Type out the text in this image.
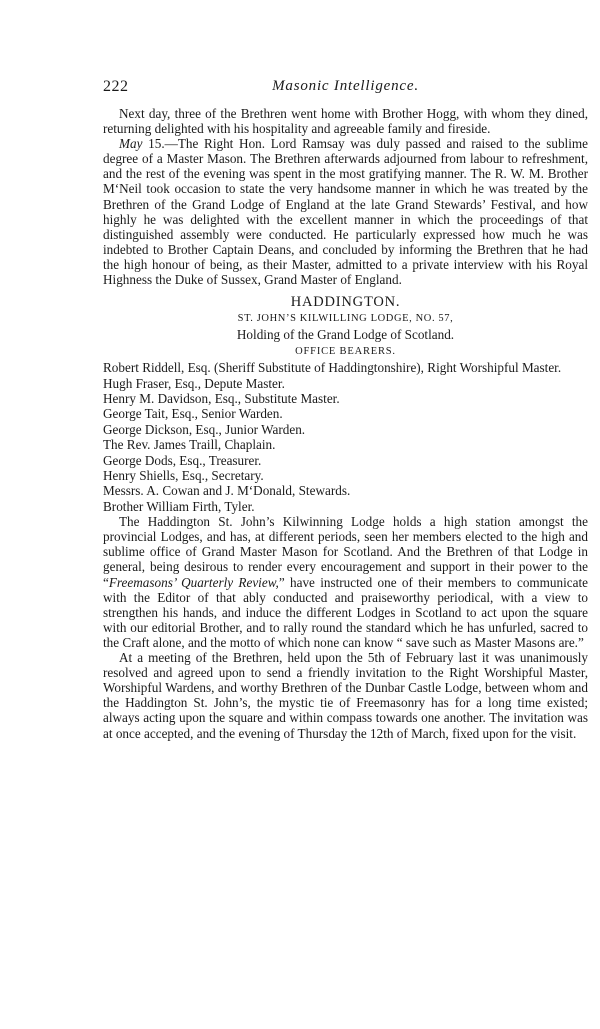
222	Masonic Intelligence.

Next day, three of the Brethren went home with Brother Hogg, with whom they dined, returning delighted with his hospitality and agreeable family and fireside.

May 15.—The Right Hon. Lord Ramsay was duly passed and raised to the sublime degree of a Master Mason. The Brethren afterwards adjourned from labour to refreshment, and the rest of the evening was spent in the most gratifying manner. The R. W. M. Brother M‘Neil took occasion to state the very handsome manner in which he was treated by the Brethren of the Grand Lodge of England at the late Grand Stewards’ Festival, and how highly he was delighted with the excellent manner in which the proceedings of that distinguished assembly were conducted. He particularly expressed how much he was indebted to Brother Captain Deans, and concluded by informing the Brethren that he had the high honour of being, as their Master, admitted to a private interview with his Royal Highness the Duke of Sussex, Grand Master of England.

HADDINGTON.
ST. JOHN’S KILWILLING LODGE, NO. 57,
Holding of the Grand Lodge of Scotland.
OFFICE BEARERS.
Robert Riddell, Esq. (Sheriff Substitute of Haddingtonshire), Right Worshipful Master.
Hugh Fraser, Esq., Depute Master.
Henry M. Davidson, Esq., Substitute Master.
George Tait, Esq., Senior Warden.
George Dickson, Esq., Junior Warden.
The Rev. James Traill, Chaplain.
George Dods, Esq., Treasurer.
Henry Shiells, Esq., Secretary.
Messrs. A. Cowan and J. M‘Donald, Stewards.
Brother William Firth, Tyler.

The Haddington St. John’s Kilwinning Lodge holds a high station amongst the provincial Lodges, and has, at different periods, seen her members elected to the high and sublime office of Grand Master Mason for Scotland. And the Brethren of that Lodge in general, being desirous to render every encouragement and support in their power to the “Freemasons’ Quarterly Review,” have instructed one of their members to communicate with the Editor of that ably conducted and praiseworthy periodical, with a view to strengthen his hands, and induce the different Lodges in Scotland to act upon the square with our editorial Brother, and to rally round the standard which he has unfurled, sacred to the Craft alone, and the motto of which none can know “ save such as Master Masons are.”

At a meeting of the Brethren, held upon the 5th of February last it was unanimously resolved and agreed upon to send a friendly invitation to the Right Worshipful Master, Worshipful Wardens, and worthy Brethren of the Dunbar Castle Lodge, between whom and the Haddington St. John’s, the mystic tie of Freemasonry has for a long time existed; always acting upon the square and within compass towards one another. The invitation was at once accepted, and the evening of Thursday the 12th of March, fixed upon for the visit.
